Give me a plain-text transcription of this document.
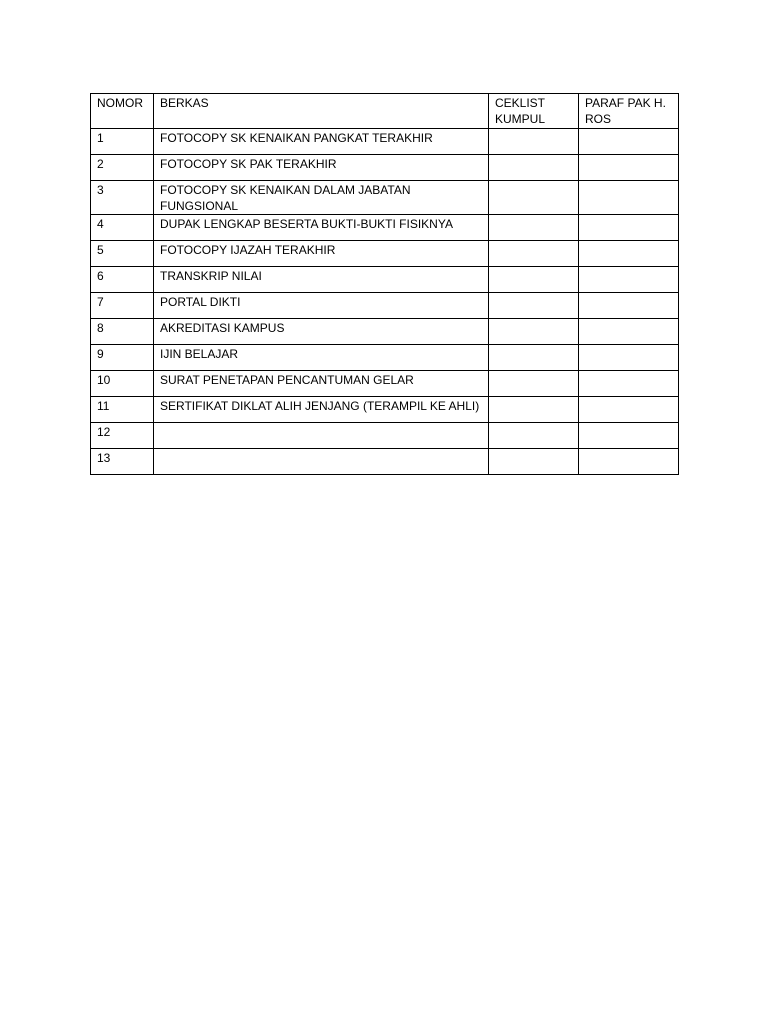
NOMOR	BERKAS	CEKLIST KUMPUL	PARAF PAK H. ROS
1	FOTOCOPY SK KENAIKAN PANGKAT TERAKHIR		
2	FOTOCOPY SK PAK TERAKHIR		
3	FOTOCOPY SK KENAIKAN DALAM JABATAN FUNGSIONAL		
4	DUPAK LENGKAP BESERTA BUKTI-BUKTI FISIKNYA		
5	FOTOCOPY IJAZAH TERAKHIR		
6	TRANSKRIP NILAI		
7	PORTAL DIKTI		
8	AKREDITASI KAMPUS		
9	IJIN BELAJAR		
10	SURAT PENETAPAN PENCANTUMAN GELAR		
11	SERTIFIKAT DIKLAT ALIH JENJANG (TERAMPIL KE AHLI)		
12			
13			
